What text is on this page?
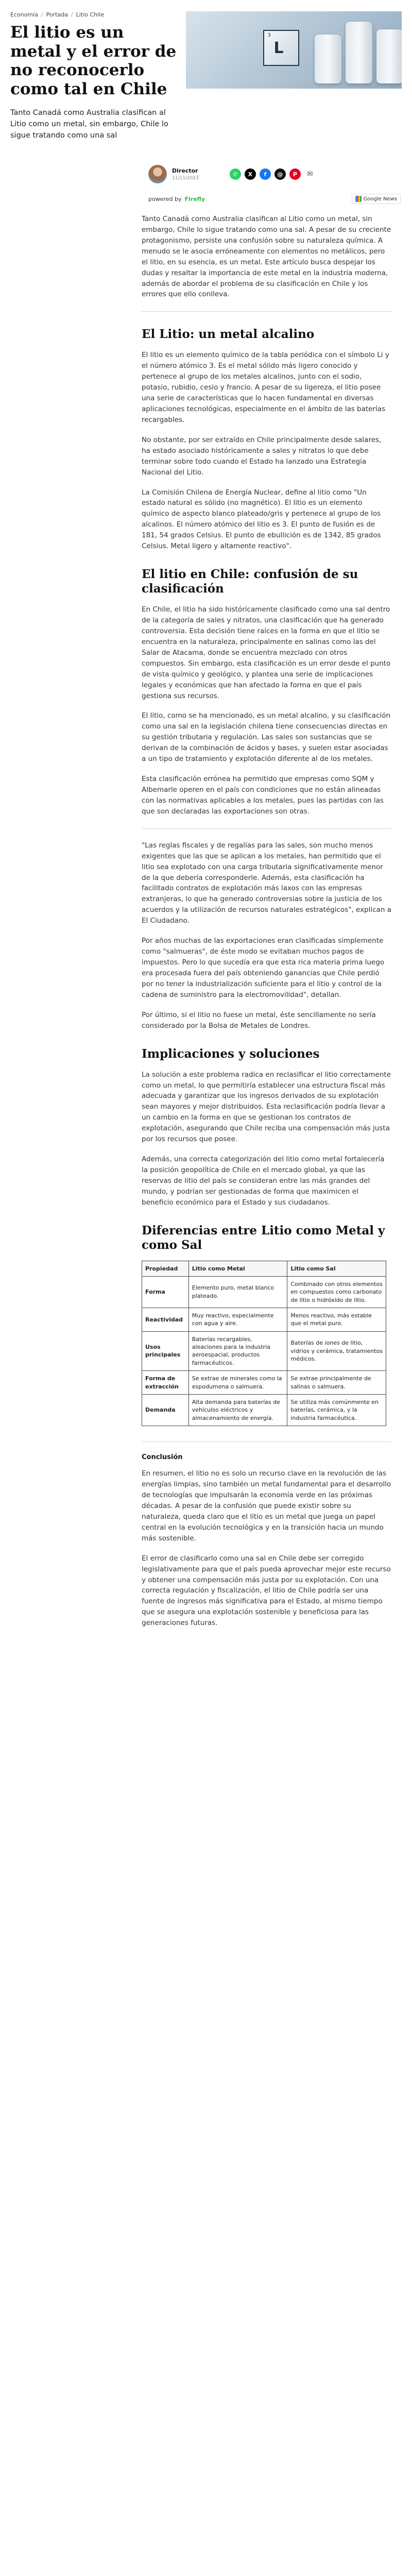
Economía / Portada / Litio Chile
El litio es un metal y el error de no reconocerlo como tal en Chile

Tanto Canadá como Australia clasifican al Litio como un metal, sin embargo, Chile lo sigue tratando como una sal

3
L
Director
11/11/2023
✆	X	f	@	P	✉
powered by Firefly	Google News

Tanto Canadá como Australia clasifican al Litio como un metal, sin embargo, Chile lo sigue tratando como una sal. A pesar de su creciente protagonismo, persiste una confusión sobre su naturaleza química. A menudo se le asocia erróneamente con elementos no metálicos, pero el litio, en su esencia, es un metal. Este artículo busca despejar los dudas y resaltar la importancia de este metal en la industria moderna, además de abordar el problema de su clasificación en Chile y los errores que ello conlleva.

El Litio: un metal alcalino

El litio es un elemento químico de la tabla periódica con el símbolo Li y el número atómico 3. Es el metal sólido más ligero conocido y pertenece al grupo de los metales alcalinos, junto con el sodio, potasio, rubidio, cesio y francio. A pesar de su ligereza, el litio posee una serie de características que lo hacen fundamental en diversas aplicaciones tecnológicas, especialmente en el ámbito de las baterías recargables.

No obstante, por ser extraído en Chile principalmente desde salares, ha estado asociado históricamente a sales y nitratos lo que debe terminar sobre todo cuando el Estado ha lanzado una Estrategia Nacional del Litio.

La Comisión Chilena de Energía Nuclear, define al litio como "Un estado natural es sólido (no magnético). El litio es un elemento químico de aspecto blanco plateado/gris y pertenece al grupo de los alcalinos. El número atómico del litio es 3. El punto de fusión es de 181, 54 grados Celsius. El punto de ebullición es de 1342, 85 grados Celsius. Metal ligero y altamente reactivo".

El litio en Chile: confusión de su clasificación

En Chile, el litio ha sido históricamente clasificado como una sal dentro de la categoría de sales y nitratos, una clasificación que ha generado controversia. Esta decisión tiene raíces en la forma en que el litio se encuentra en la naturaleza, principalmente en salinas como las del Salar de Atacama, donde se encuentra mezclado con otros compuestos. Sin embargo, esta clasificación es un error desde el punto de vista químico y geológico, y plantea una serie de implicaciones legales y económicas que han afectado la forma en que el país gestiona sus recursos.

El litio, como se ha mencionado, es un metal alcalino, y su clasificación como una sal en la legislación chilena tiene consecuencias directas en su gestión tributaria y regulación. Las sales son sustancias que se derivan de la combinación de ácidos y bases, y suelen estar asociadas a un tipo de tratamiento y explotación diferente al de los metales.

Esta clasificación errónea ha permitido que empresas como SQM y Albemarle operen en el país con condiciones que no están alineadas con las normativas aplicables a los metales, pues las partidas con las que son declaradas las exportaciones son otras.

"Las reglas fiscales y de regalías para las sales, son mucho menos exigentes que las que se aplican a los metales, han permitido que el litio sea explotado con una carga tributaria significativamente menor de la que debería corresponderle. Además, esta clasificación ha facilitado contratos de explotación más laxos con las empresas extranjeras, lo que ha generado controversias sobre la justicia de los acuerdos y la utilización de recursos naturales estratégicos", explican a El Ciudadano.

Por años muchas de las exportaciones eran clasificadas simplemente como "salmueras", de éste modo se evitaban muchos pagos de impuestos. Pero lo que sucedía era que esta rica materia prima luego era procesada fuera del país obteniendo ganancias que Chile perdió por no tener la industrialización suficiente para el litio y control de la cadena de suministro para la electromovilidad", detallan.

Por último, si el litio no fuese un metal, éste sencillamente no sería considerado por la Bolsa de Metales de Londres.

Implicaciones y soluciones

La solución a este problema radica en reclasificar el litio correctamente como un metal, lo que permitiría establecer una estructura fiscal más adecuada y garantizar que los ingresos derivados de su explotación sean mayores y mejor distribuidos. Esta reclasificación podría llevar a un cambio en la forma en que se gestionan los contratos de explotación, asegurando que Chile reciba una compensación más justa por los recursos que posee.

Además, una correcta categorización del litio como metal fortalecería la posición geopolítica de Chile en el mercado global, ya que las reservas de litio del país se consideran entre las más grandes del mundo, y podrían ser gestionadas de forma que maximicen el beneficio económico para el Estado y sus ciudadanos.

Diferencias entre Litio como Metal y como Sal
Propiedad	Litio como Metal	Litio como Sal
Forma	Elemento puro, metal blanco plateado.	Combinado con otros elementos en compuestos como carbonato de litio o hidróxido de litio.
Reactividad	Muy reactivo, especialmente con agua y aire.	Menos reactivo, más estable que el metal puro.
Usos principales	Baterías recargables, aleaciones para la industria aeroespacial, productos farmacéuticos.	Baterías de iones de litio, vidrios y cerámica, tratamientos médicos.
Forma de extracción	Se extrae de minerales como la espodumena o salmuera.	Se extrae principalmente de salinas o salmuera.
Demanda	Alta demanda para baterías de vehículos eléctricos y almacenamiento de energía.	Se utiliza más comúnmente en baterías, cerámica, y la industria farmacéutica.
Conclusión

En resumen, el litio no es solo un recurso clave en la revolución de las energías limpias, sino también un metal fundamental para el desarrollo de tecnologías que impulsarán la economía verde en las próximas décadas. A pesar de la confusión que puede existir sobre su naturaleza, queda claro que el litio es un metal que juega un papel central en la evolución tecnológica y en la transición hacia un mundo más sostenible.

El error de clasificarlo como una sal en Chile debe ser corregido legislativamente para que el país pueda aprovechar mejor este recurso y obtener una compensación más justa por su explotación. Con una correcta regulación y fiscalización, el litio de Chile podría ser una fuente de ingresos más significativa para el Estado, al mismo tiempo que se asegura una explotación sostenible y beneficiosa para las generaciones futuras.
